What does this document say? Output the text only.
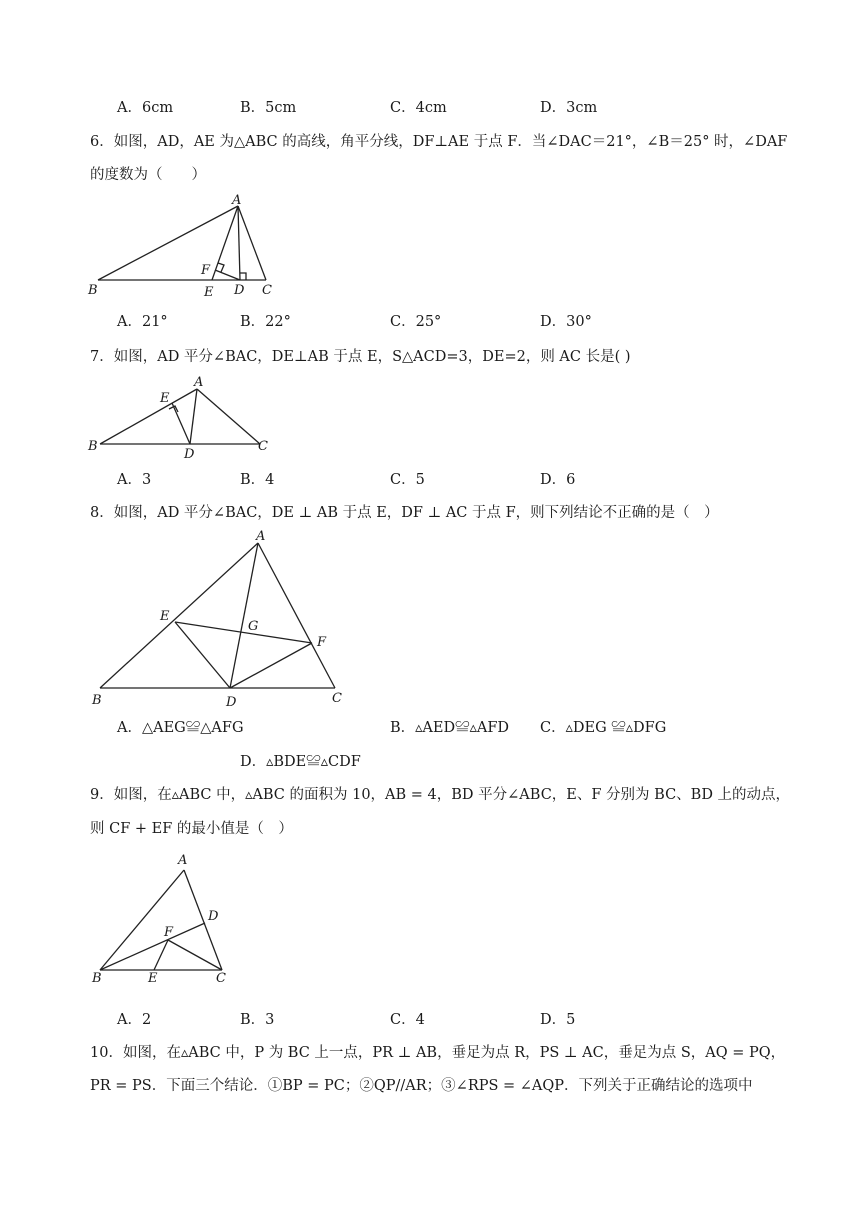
A．6cm	B．5cm	C．4cm	D．3cm
6．如图，AD，AE 为△ABC 的高线，角平分线，DF⊥AE 于点 F．当∠DAC＝21°，∠B＝25° 时，∠DAF
的度数为（　　）
A
B	C
D
E
F
A．21°	B．22°	C．25°	D．30°
7．如图，AD 平分∠BAC，DE⊥AB 于点 E，S△ACD=3，DE=2，则 AC 长是( )
A
B	C
D
E
A．3	B．4	C．5	D．6
8．如图，AD 平分∠BAC，DE ⊥ AB 于点 E，DF ⊥ AC 于点 F，则下列结论不正确的是（　）
A
B	C
D
E
F
G
A．△AEG≌△AFG	B．▵AED≌▵AFD C．▵DEG ≌▵DFG
D．▵BDE≌▵CDF
9．如图，在▵ABC 中，▵ABC 的面积为 10，AB = 4，BD 平分∠ABC，E、F 分别为 BC、BD 上的动点，
则 CF + EF 的最小值是（　）
A
B	C
D
E
F
A．2	B．3	C．4	D．5
10．如图，在▵ABC 中，P 为 BC 上一点，PR ⊥ AB，垂足为点 R，PS ⊥ AC，垂足为点 S，AQ = PQ，
PR = PS．下面三个结论．①BP = PC；②QP//AR；③∠RPS = ∠AQP．下列关于正确结论的选项中
